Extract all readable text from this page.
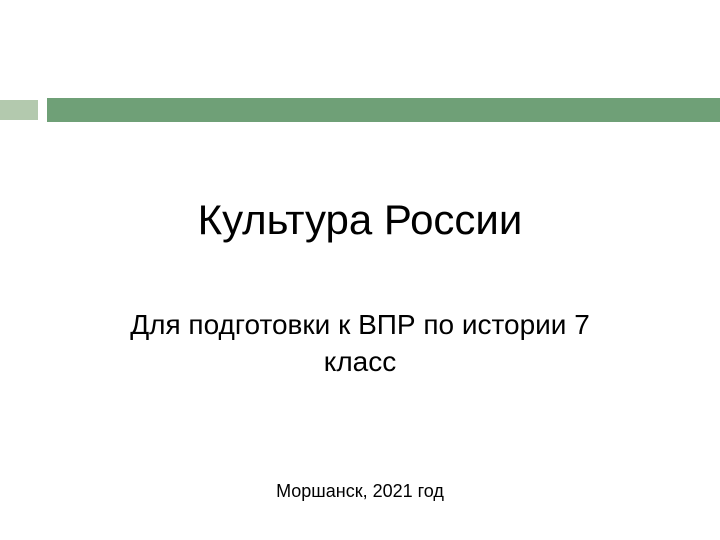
Культура России
Для подготовки к ВПР по истории 7
класс
Моршанск, 2021 год
